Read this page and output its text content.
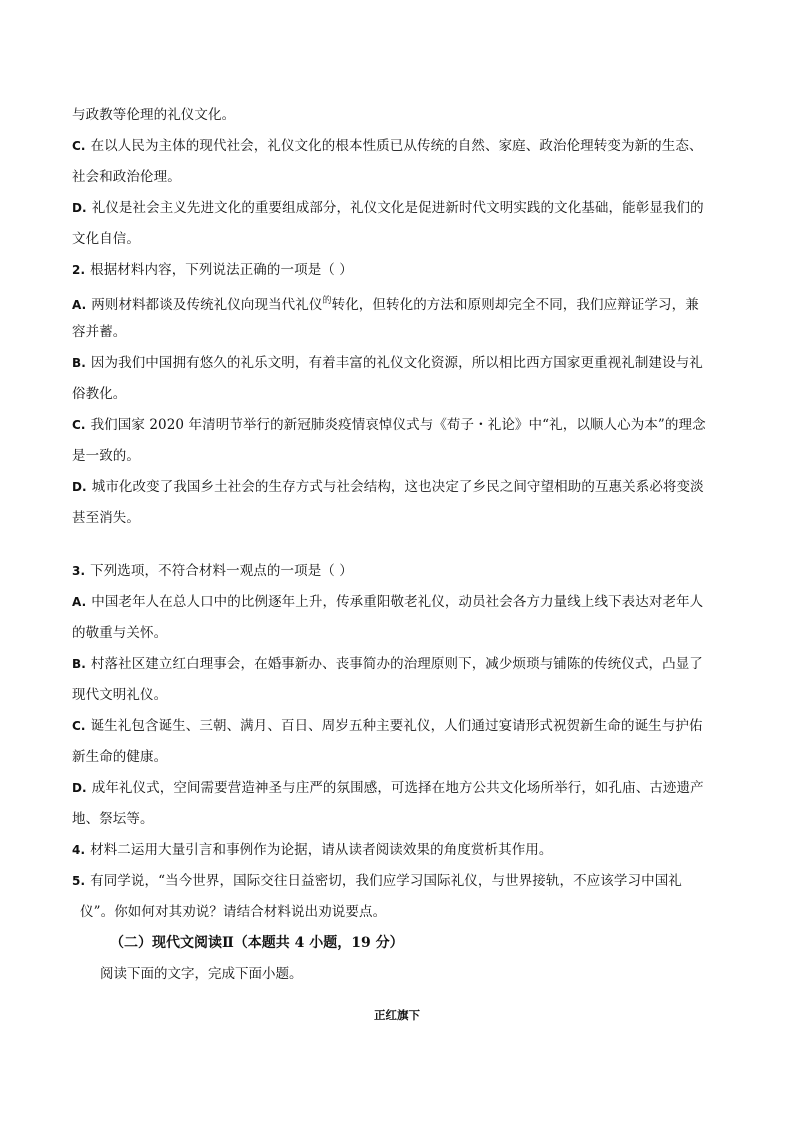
与政教等伦理的礼仪文化。
C. 在以人民为主体的现代社会，礼仪文化的根本性质已从传统的自然、家庭、政治伦理转变为新的生态、
社会和政治伦理。
D. 礼仪是社会主义先进文化的重要组成部分，礼仪文化是促进新时代文明实践的文化基础，能彰显我们的
文化自信。
2. 根据材料内容，下列说法正确的一项是（ ）
A. 两则材料都谈及传统礼仪向现当代礼仪$^的$转化，但转化的方法和原则却完全不同，我们应辩证学习，兼
容并蓄。
B. 因为我们中国拥有悠久的礼乐文明，有着丰富的礼仪文化资源，所以相比西方国家更重视礼制建设与礼
俗教化。
C. 我们国家 2020 年清明节举行的新冠肺炎疫情哀悼仪式与《荀子・礼论》中“礼，以顺人心为本”的理念
是一致的。
D. 城市化改变了我国乡土社会的生存方式与社会结构，这也决定了乡民之间守望相助的互惠关系必将变淡
甚至消失。
3. 下列选项，不符合材料一观点的一项是（ ）
A. 中国老年人在总人口中的比例逐年上升，传承重阳敬老礼仪，动员社会各方力量线上线下表达对老年人
的敬重与关怀。
B. 村落社区建立红白理事会，在婚事新办、丧事简办的治理原则下，减少烦琐与铺陈的传统仪式，凸显了
现代文明礼仪。
C. 诞生礼包含诞生、三朝、满月、百日、周岁五种主要礼仪，人们通过宴请形式祝贺新生命的诞生与护佑
新生命的健康。
D. 成年礼仪式，空间需要营造神圣与庄严的氛围感，可选择在地方公共文化场所举行，如孔庙、古迹遗产
地、祭坛等。
4. 材料二运用大量引言和事例作为论据，请从读者阅读效果的角度赏析其作用。
5. 有同学说，“当今世界，国际交往日益密切，我们应学习国际礼仪，与世界接轨，不应该学习中国礼
仪”。你如何对其劝说？请结合材料说出劝说要点。
（二）现代文阅读Ⅱ（本题共 4 小题，19 分）
阅读下面的文字，完成下面小题。
正红旗下
